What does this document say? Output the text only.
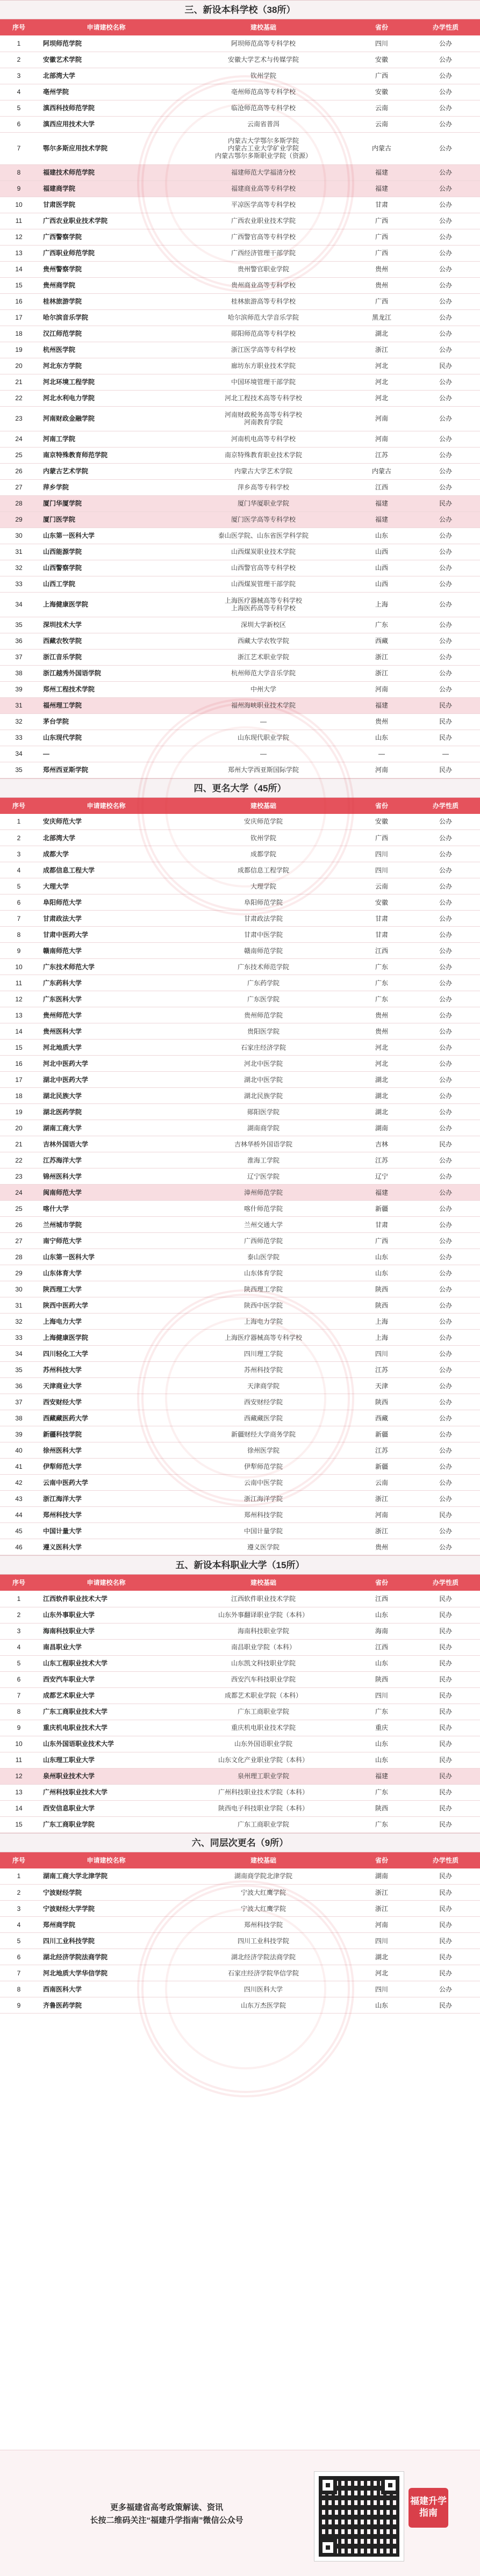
三、新设本科学校（38所）
序号	申请建校名称	建校基础	省份	办学性质
1	阿坝师范学院	阿坝师范高等专科学校	四川	公办
2	安徽艺术学院	安徽大学艺术与传媒学院	安徽	公办
3	北部湾大学	钦州学院	广西	公办
4	亳州学院	亳州师范高等专科学校	安徽	公办
5	滇西科技师范学院	临沧师范高等专科学校	云南	公办
6	滇西应用技术大学	云南省普洱	云南	公办
7	鄂尔多斯应用技术学院	内蒙古大学鄂尔多斯学院
内蒙古工业大学矿业学院
内蒙古鄂尔多斯职业学院（资源）	内蒙古	公办
8	福建技术师范学院	福建师范大学福清分校	福建	公办
9	福建商学院	福建商业高等专科学校	福建	公办
10	甘肃医学院	平凉医学高等专科学校	甘肃	公办
11	广西农业职业技术学院	广西农业职业技术学院	广西	公办
12	广西警察学院	广西警官高等专科学校	广西	公办
13	广西职业师范学院	广西经济管理干部学院	广西	公办
14	贵州警察学院	贵州警官职业学院	贵州	公办
15	贵州商学院	贵州商业高等专科学校	贵州	公办
16	桂林旅游学院	桂林旅游高等专科学校	广西	公办
17	哈尔滨音乐学院	哈尔滨师范大学音乐学院	黑龙江	公办
18	汉江师范学院	郧阳师范高等专科学校	湖北	公办
19	杭州医学院	浙江医学高等专科学校	浙江	公办
20	河北东方学院	廊坊东方职业技术学院	河北	民办
21	河北环境工程学院	中国环境管理干部学院	河北	公办
22	河北水利电力学院	河北工程技术高等专科学校	河北	公办
23	河南财政金融学院	河南财政税务高等专科学校
河南教育学院	河南	公办
24	河南工学院	河南机电高等专科学校	河南	公办
25	南京特殊教育师范学院	南京特殊教育职业技术学院	江苏	公办
26	内蒙古艺术学院	内蒙古大学艺术学院	内蒙古	公办
27	萍乡学院	萍乡高等专科学校	江西	公办
28	厦门华厦学院	厦门华厦职业学院	福建	民办
29	厦门医学院	厦门医学高等专科学校	福建	公办
30	山东第一医科大学	泰山医学院、山东省医学科学院	山东	公办
31	山西能源学院	山西煤炭职业技术学院	山西	公办
32	山西警察学院	山西警官高等专科学校	山西	公办
33	山西工学院	山西煤炭管理干部学院	山西	公办
34	上海健康医学院	上海医疗器械高等专科学校
上海医药高等专科学校	上海	公办
35	深圳技术大学	深圳大学新校区	广东	公办
36	西藏农牧学院	西藏大学农牧学院	西藏	公办
37	浙江音乐学院	浙江艺术职业学院	浙江	公办
38	浙江越秀外国语学院	杭州师范大学音乐学院	浙江	公办
39	郑州工程技术学院	中州大学	河南	公办
31	福州理工学院	福州海峡职业技术学院	福建	民办
32	茅台学院	—	贵州	民办
33	山东现代学院	山东现代职业学院	山东	民办
34	—	—	—	—
35	郑州西亚斯学院	郑州大学西亚斯国际学院	河南	民办
四、更名大学（45所）
序号	申请建校名称	建校基础	省份	办学性质
1	安庆师范大学	安庆师范学院	安徽	公办
2	北部湾大学	钦州学院	广西	公办
3	成都大学	成都学院	四川	公办
4	成都信息工程大学	成都信息工程学院	四川	公办
5	大理大学	大理学院	云南	公办
6	阜阳师范大学	阜阳师范学院	安徽	公办
7	甘肃政法大学	甘肃政法学院	甘肃	公办
8	甘肃中医药大学	甘肃中医学院	甘肃	公办
9	赣南师范大学	赣南师范学院	江西	公办
10	广东技术师范大学	广东技术师范学院	广东	公办
11	广东药科大学	广东药学院	广东	公办
12	广东医科大学	广东医学院	广东	公办
13	贵州师范大学	贵州师范学院	贵州	公办
14	贵州医科大学	贵阳医学院	贵州	公办
15	河北地质大学	石家庄经济学院	河北	公办
16	河北中医药大学	河北中医学院	河北	公办
17	湖北中医药大学	湖北中医学院	湖北	公办
18	湖北民族大学	湖北民族学院	湖北	公办
19	湖北医药学院	郧阳医学院	湖北	公办
20	湖南工商大学	湖南商学院	湖南	公办
21	吉林外国语大学	吉林华桥外国语学院	吉林	民办
22	江苏海洋大学	淮海工学院	江苏	公办
23	锦州医科大学	辽宁医学院	辽宁	公办
24	闽南师范大学	漳州师范学院	福建	公办
25	喀什大学	喀什师范学院	新疆	公办
26	兰州城市学院	兰州交通大学	甘肃	公办
27	南宁师范大学	广西师范学院	广西	公办
28	山东第一医科大学	泰山医学院	山东	公办
29	山东体育大学	山东体育学院	山东	公办
30	陕西理工大学	陕西理工学院	陕西	公办
31	陕西中医药大学	陕西中医学院	陕西	公办
32	上海电力大学	上海电力学院	上海	公办
33	上海健康医学院	上海医疗器械高等专科学校	上海	公办
34	四川轻化工大学	四川理工学院	四川	公办
35	苏州科技大学	苏州科技学院	江苏	公办
36	天津商业大学	天津商学院	天津	公办
37	西安财经大学	西安财经学院	陕西	公办
38	西藏藏医药大学	西藏藏医学院	西藏	公办
39	新疆科技学院	新疆财经大学商务学院	新疆	公办
40	徐州医科大学	徐州医学院	江苏	公办
41	伊犁师范大学	伊犁师范学院	新疆	公办
42	云南中医药大学	云南中医学院	云南	公办
43	浙江海洋大学	浙江海洋学院	浙江	公办
44	郑州科技大学	郑州科技学院	河南	民办
45	中国计量大学	中国计量学院	浙江	公办
46	遵义医科大学	遵义医学院	贵州	公办
五、新设本科职业大学（15所）
序号	申请建校名称	建校基础	省份	办学性质
1	江西软件职业技术大学	江西软件职业技术学院	江西	民办
2	山东外事职业大学	山东外事翻译职业学院（本科）	山东	民办
3	海南科技职业大学	海南科技职业学院	海南	民办
4	南昌职业大学	南昌职业学院（本科）	江西	民办
5	山东工程职业技术大学	山东凯文科技职业学院	山东	民办
6	西安汽车职业大学	西安汽车科技职业学院	陕西	民办
7	成都艺术职业大学	成都艺术职业学院（本科）	四川	民办
8	广东工商职业技术大学	广东工商职业学院	广东	民办
9	重庆机电职业技术大学	重庆机电职业技术学院	重庆	民办
10	山东外国语职业技术大学	山东外国语职业学院	山东	民办
11	山东理工职业大学	山东文化产业职业学院（本科）	山东	民办
12	泉州职业技术大学	泉州理工职业学院	福建	民办
13	广州科技职业技术大学	广州科技职业技术学院（本科）	广东	民办
14	西安信息职业大学	陕西电子科技职业学院（本科）	陕西	民办
15	广东工商职业学院	广东工商职业学院	广东	民办
六、同层次更名（9所）
序号	申请建校名称	建校基础	省份	办学性质
1	湖南工商大学北津学院	湖南商学院北津学院	湖南	民办
2	宁波财经学院	宁波大红鹰学院	浙江	民办
3	宁波财经大学学院	宁波大红鹰学院	浙江	民办
4	郑州商学院	郑州科技学院	河南	民办
5	四川工业科技学院	四川工业科技学院	四川	民办
6	湖北经济学院法商学院	湖北经济学院法商学院	湖北	民办
7	河北地质大学华信学院	石家庄经济学院华信学院	河北	民办
8	西南医科大学	四川医科大学	四川	公办
9	齐鲁医药学院	山东万杰医学院	山东	民办
更多福建省高考政策解读、资讯
长按二维码关注“福建升学指南”微信公众号
福建升学指南
